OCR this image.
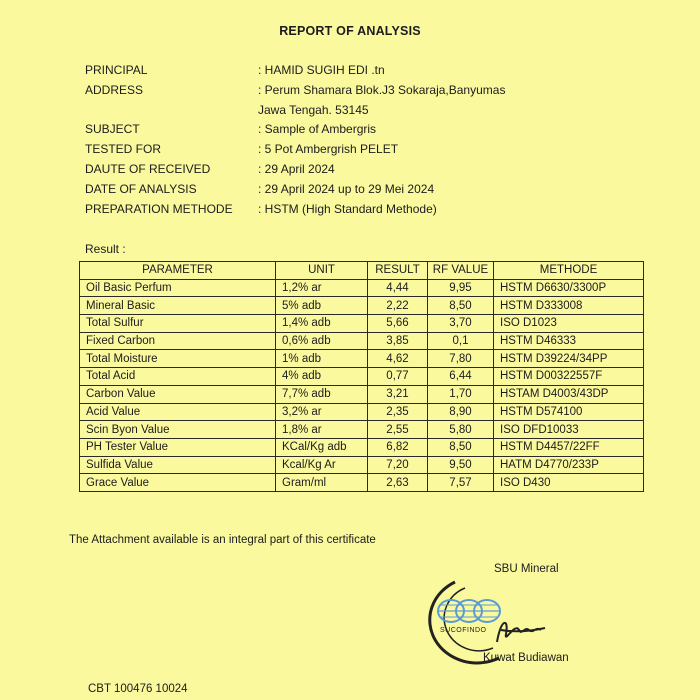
REPORT OF ANALYSIS
PRINCIPAL	: HAMID SUGIH EDI .tn
ADDRESS	: Perum Shamara Blok.J3 Sokaraja,Banyumas
Jawa Tengah. 53145
SUBJECT	: Sample of Ambergris
TESTED FOR	: 5 Pot Ambergrish PELET
DAUTE OF RECEIVED	: 29 April 2024
DATE OF ANALYSIS	: 29 April 2024 up to 29 Mei 2024
PREPARATION METHODE : HSTM (High Standard Methode)
Result :
PARAMETER	UNIT	RESULT	RF VALUE	METHODE
Oil Basic Perfum	1,2% ar	4,44	9,95	HSTM D6630/3300P
Mineral Basic	5% adb	2,22	8,50	HSTM D333008
Total Sulfur	1,4% adb	5,66	3,70	ISO D1023
Fixed Carbon	0,6% adb	3,85	0,1	HSTM D46333
Total Moisture	1% adb	4,62	7,80	HSTM D39224/34PP
Total Acid	4% adb	0,77	6,44	HSTM D00322557F
Carbon Value	7,7% adb	3,21	1,70	HSTAM D4003/43DP
Acid Value	3,2% ar	2,35	8,90	HSTM D574100
Scin Byon Value	1,8% ar	2,55	5,80	ISO DFD10033
PH Tester Value	KCal/Kg adb	6,82	8,50	HSTM D4457/22FF
Sulfida Value	Kcal/Kg Ar	7,20	9,50	HATM D4770/233P
Grace Value	Gram/ml	2,63	7,57	ISO D430
The Attachment available is an integral part of this certificate
SBU Mineral
SUCOFINDO
Kuwat Budiawan
CBT 100476 10024
